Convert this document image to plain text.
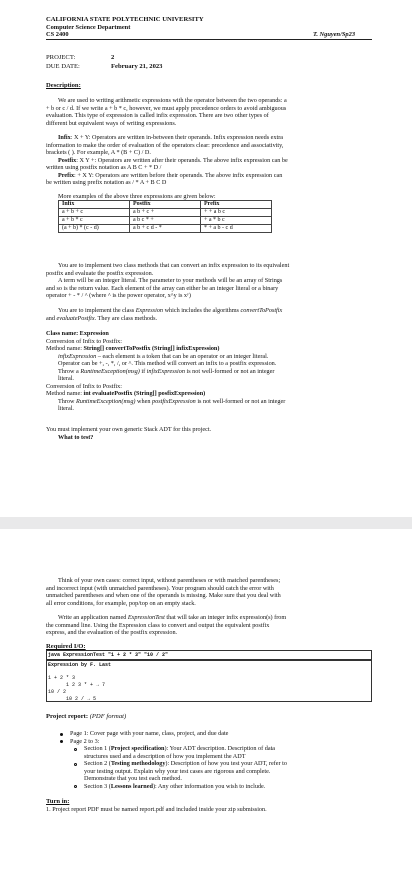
CALIFORNIA STATE POLYTECHNIC UNIVERSITY
Computer Science Department
CS 2400	T. Nguyen/Sp23
PROJECT:	2
DUE DATE:	February 21, 2023
Description:
We are used to writing arithmetic expressions with the operator between the two operands: a
+ b or c / d. If we write a + b * c, however, we must apply precedence orders to avoid ambiguous
evaluation. This type of expression is called infix expression. There are two other types of
different but equivalent ways of writing expressions.
Infix: X + Y: Operators are written in-between their operands. Infix expression needs extra
information to make the order of evaluation of the operators clear: precedence and associativity,
brackets ( ). For example, A * (B + C) / D.
Postfix: X Y +: Operators are written after their operands. The above infix expression can be
written using postfix notation as A B C + * D /
Prefix: + X Y: Operators are written before their operands. The above infix expression can
be written using prefix notation as / * A + B C D
More examples of the above three expressions are given below:
Infix	Postfix	Prefix
a + b + c	a b + c +	+ + a b c
a + b * c	a b c * +	+ a * b c
(a + b) * (c - d)	a b + c d - *	* + a b - c d
You are to implement two class methods that can convert an infix expression to its equivalent
postfix and evaluate the postfix expression.
A term will be an integer literal. The parameter to your methods will be an array of Strings
and so is the return value. Each element of the array can either be an integer literal or a binary
operator + - * / ^ (where ^ is the power operator, x^y is xʸ)
You are to implement the class Expression which includes the algorithms convertToPostfix
and evaluatePostfix. They are class methods.
Class name: Expression
Conversion of Infix to Postfix:
Method name: String[] convertToPostfix (String[] infixExpression)
infixExpression – each element is a token that can be an operator or an integer literal.
Operator can be +, -, *, /, or ^. This method will convert an infix to a postfix expression.
Throw a RuntimeException(msg) if infixExpression is not well-formed or not an integer
literal.
Conversion of Infix to Postfix:
Method name: int evaluatePostfix (String[] posfixExpression)
Throw RuntimeException(msg) when postfixExpression is not well-formed or not an integer
literal.
You must implement your own generic Stack ADT for this project.
What to test?
Think of your own cases: correct input, without parentheses or with matched parentheses;
and incorrect input (with unmatched parentheses). Your program should catch the error with
unmatched parentheses and when one of the operands is missing. Make sure that you deal with
all error conditions, for example, pop/top on an empty stack.
Write an application named ExpressionTest that will take an integer infix expression(s) from
the command line. Using the Expression class to convert and output the equivalent postfix
express, and the evaluation of the postfix expression.
Required I/O:
java ExpressionTest "1 + 2 * 3" "10 / 2"
Expression by F. Last
1 + 2 * 3
1 2 3 * + → 7
10 / 2
10 2 / → 5
Project report: (PDF format)
Page 1: Cover page with your name, class, project, and due date
Page 2 to 3:
Section 1 (Project specification): Your ADT description. Description of data
structures used and a description of how you implement the ADT
Section 2 (Testing methodology): Description of how you test your ADT, refer to
your testing output. Explain why your test cases are rigorous and complete.
Demonstrate that you test each method.
Section 3 (Lessons learned): Any other information you wish to include.
Turn in:
1. Project report PDF must be named report.pdf and included inside your zip submission.
